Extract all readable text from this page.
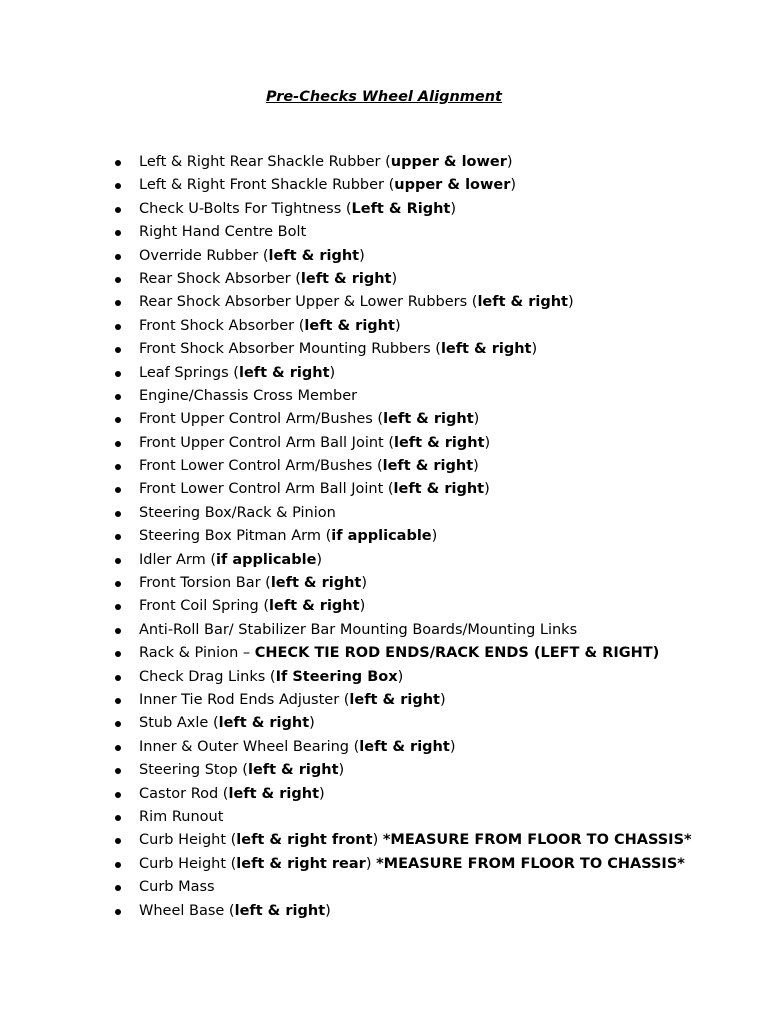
Pre-Checks Wheel Alignment
Left & Right Rear Shackle Rubber (upper & lower)
Left & Right Front Shackle Rubber (upper & lower)
Check U-Bolts For Tightness (Left & Right)
Right Hand Centre Bolt
Override Rubber (left & right)
Rear Shock Absorber (left & right)
Rear Shock Absorber Upper & Lower Rubbers (left & right)
Front Shock Absorber (left & right)
Front Shock Absorber Mounting Rubbers (left & right)
Leaf Springs (left & right)
Engine/Chassis Cross Member
Front Upper Control Arm/Bushes (left & right)
Front Upper Control Arm Ball Joint (left & right)
Front Lower Control Arm/Bushes (left & right)
Front Lower Control Arm Ball Joint (left & right)
Steering Box/Rack & Pinion
Steering Box Pitman Arm (if applicable)
Idler Arm (if applicable)
Front Torsion Bar (left & right)
Front Coil Spring (left & right)
Anti-Roll Bar/ Stabilizer Bar Mounting Boards/Mounting Links
Rack & Pinion – CHECK TIE ROD ENDS/RACK ENDS (LEFT & RIGHT)
Check Drag Links (If Steering Box)
Inner Tie Rod Ends Adjuster (left & right)
Stub Axle (left & right)
Inner & Outer Wheel Bearing (left & right)
Steering Stop (left & right)
Castor Rod (left & right)
Rim Runout
Curb Height (left & right front) *MEASURE FROM FLOOR TO CHASSIS*
Curb Height (left & right rear) *MEASURE FROM FLOOR TO CHASSIS*
Curb Mass
Wheel Base (left & right)
